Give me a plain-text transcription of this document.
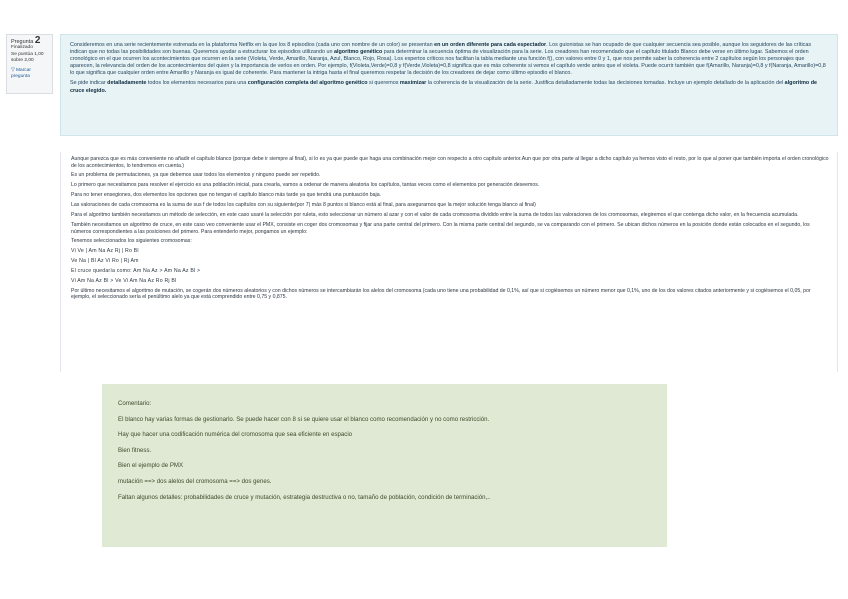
Pregunta 2
Finalizado
Se puntúa 1,00 sobre 2,00
▽ Marcar pregunta

Consideremos en una serie recientemente estrenada en la plataforma Netflix en la que los 8 episodios (cada uno con nombre de un color) se presentan en un orden diferente para cada espectador. Los guionistas se han ocupado de que cualquier secuencia sea posible, aunque los seguidores de las críticas indican que no todas las posibilidades son buenas. Queremos ayudar a estructurar los episodios utilizando un algoritmo genético para determinar la secuencia óptima de visualización para la serie. Los creadores han recomendado que el capítulo titulado Blanco debe verse en último lugar. Sabemos el orden cronológico en el que ocurren los acontecimientos que ocurren en la serie (Violeta, Verde, Amarillo, Naranja, Azul, Blanco, Rojo, Rosa). Los expertos críticos nos facilitan la tabla mediante una función f(), con valores entre 0 y 1, que nos permite saber la coherencia entre 2 capítulos según los personajes que aparecen, la relevancia del orden de los acontecimientos del quien y la importancia de verlos en orden. Por ejemplo, f(Violeta,Verde)=0,8 y f(Verde,Violeta)=0,8 significa que es más coherente si vemos el capítulo verde antes que el violeta. Puede ocurrir también que f(Amarillo, Naranja)=0,8 y f(Naranja, Amarillo)=0,8 lo que significa que cualquier orden entre Amarillo y Naranja es igual de coherente. Para mantener la intriga hasta el final queremos respetar la decisión de los creadores de dejar como último episodio el blanco.

Se pide indicar detalladamente todos los elementos necesarios para una configuración completa del algoritmo genético si queremos maximizar la coherencia de la visualización de la serie. Justifica detalladamente todas las decisiones tomadas. Incluye un ejemplo detallado de la aplicación del algoritmo de cruce elegido.

Aunque parezca que es más conveniente no añadir el capítulo blanco (porque debe ir siempre al final), si lo es ya que puede que haga una combinación mejor con respecto a otro capítulo anterior.Aun que por otra parte al llegar a dicho capítulo ya hemos visto el resto, por lo que al poner que también importa el orden cronológico de los acontecimientos, lo tendremos en cuenta.)

Es un problema de permutaciones, ya que debemos usar todos los elementos y ninguno puede ser repetido.

Lo primero que necesitamos para resolver el ejercicio es una población inicial, para crearla, vamos a ordenar de manera aleatoria los capítulos, tantas veces como el elementos por generación deseemos.

Para no tener ensegiones, dos elementos los opciones que no tengan el capítulo blanco más tarde ya que tendrá una puntuación baja.

Las valoraciones de cada cromosoma es la suma de sus f de todos los capítulos con su siguiente(por 7) más 8 puntos si blanco está al final, para asegurarnos que la mejor solución tenga blanco al final)

Para el algoritmo también necesitamos un método de selección, en este caso usaré la selección por ruleta, esto seleccionar un número al azar y con el valor de cada cromosoma dividido entre la suma de todos las valoraciones de los cromosomas, elegiremos el que contenga dicho valor, en la frecuencia acumulada.

También necesitamos un algoritmo de cruce, en este caso veo conveniente usar el PMX, consiste en coger dos cromosomas y fijar una parte central del primero. Con la misma parte central del segundo, se va comparando con el primero. Se ubican dichos números en la posición donde están colocados en el segundo, los números correspondientes a las posiciones del primero. Para entenderlo mejor, pongamos un ejemplo:

Tenemos seleccionados los siguientes cromosomas:

Vi Ve | Am Na Az Rj | Ro Bl

Ve Na | Bl Az Vi Ro | Rj Am

El cruce quedaría como: Am Na Az > Am Na Az Bl >

Vi Am Na Az Bl > Ve Vi Am Na Az Ro Rj Bl

Por último necesitamos el algoritmo de mutación, se cogerán dos números aleatorios y con dichos números se intercambiarán los alelos del cromosoma (cada uno tiene una probabilidad de 0,1%, así que si cogiésemos un número menor que 0,1%, uno de los dos valores citados anteriormente y si cogiésemos el 0,05, por ejemplo, el seleccionado sería el penúltimo alelo ya que está comprendido entre 0,75 y 0,875.

Comentario:
El blanco hay varias formas de gestionarlo. Se puede hacer con 8 si se quiere usar el blanco como recomendación y no como restricción.
Hay que hacer una codificación numérica del cromosoma que sea eficiente en espacio
Bien fitness.
Bien el ejemplo de PMX
mutación ==> dos alelos del cromosoma ==> dos genes.
Faltan algunos detalles: probabilidades de cruce y mutación, estrategia destructiva o no, tamaño de población, condición de terminación,..
